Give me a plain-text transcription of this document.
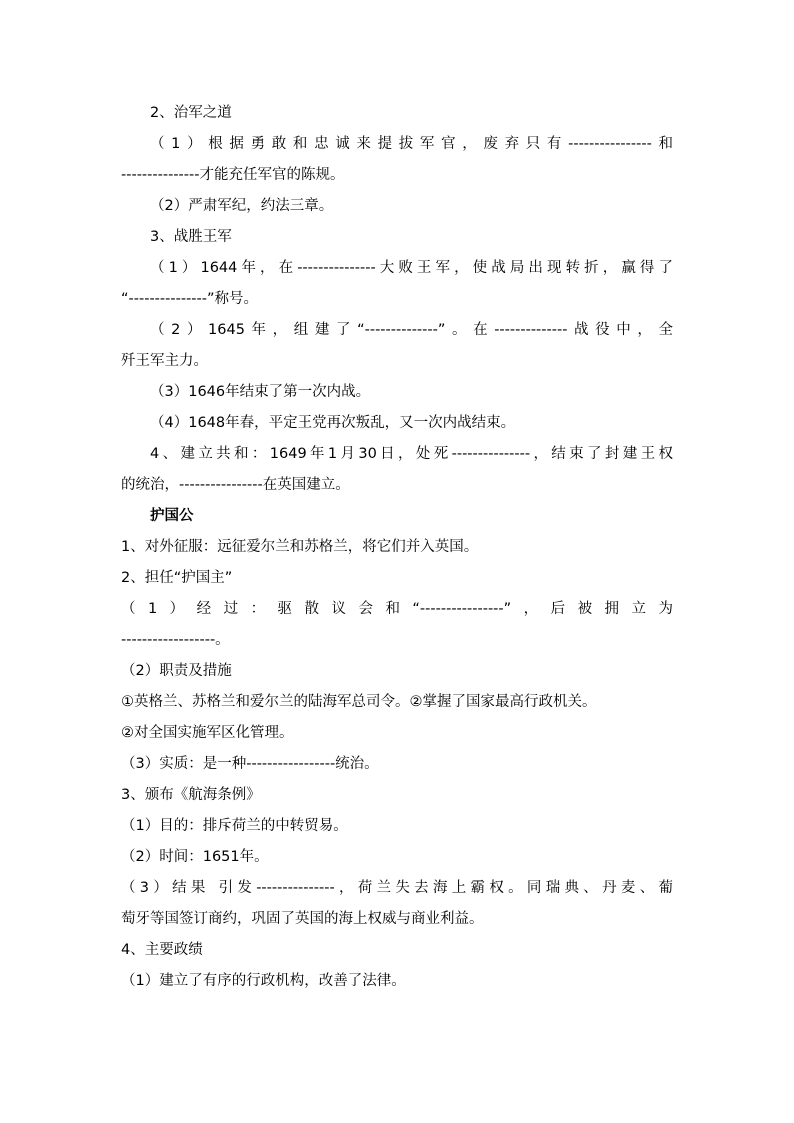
2、治军之道

（1）根据勇敢和忠诚来提拔军官，废弃只有----------------和

---------------才能充任军官的陈规。

（2）严肃军纪，约法三章。

3、战胜王军

（1）1644年，在---------------大败王军，使战局出现转折，赢得了

“---------------”称号。

（2）1645年，组建了“--------------”。在--------------战役中，全

歼王军主力。

（3）1646年结束了第一次内战。

（4）1648年春，平定王党再次叛乱，又一次内战结束。

4、建立共和：1649年1月30日，处死---------------，结束了封建王权

的统治，----------------在英国建立。

护国公

1、对外征服：远征爱尔兰和苏格兰，将它们并入英国。

2、担任“护国主”

（1）经过：驱散议会和“----------------”，后被拥立为

------------------。

（2）职责及措施

①英格兰、苏格兰和爱尔兰的陆海军总司令。②掌握了国家最高行政机关。

②对全国实施军区化管理。

（3）实质：是一种-----------------统治。

3、颁布《航海条例》

（1）目的：排斥荷兰的中转贸易。

（2）时间：1651年。

（3）结果 引发---------------，荷兰失去海上霸权。同瑞典、丹麦、葡

萄牙等国签订商约，巩固了英国的海上权威与商业利益。

4、主要政绩

（1）建立了有序的行政机构，改善了法律。
